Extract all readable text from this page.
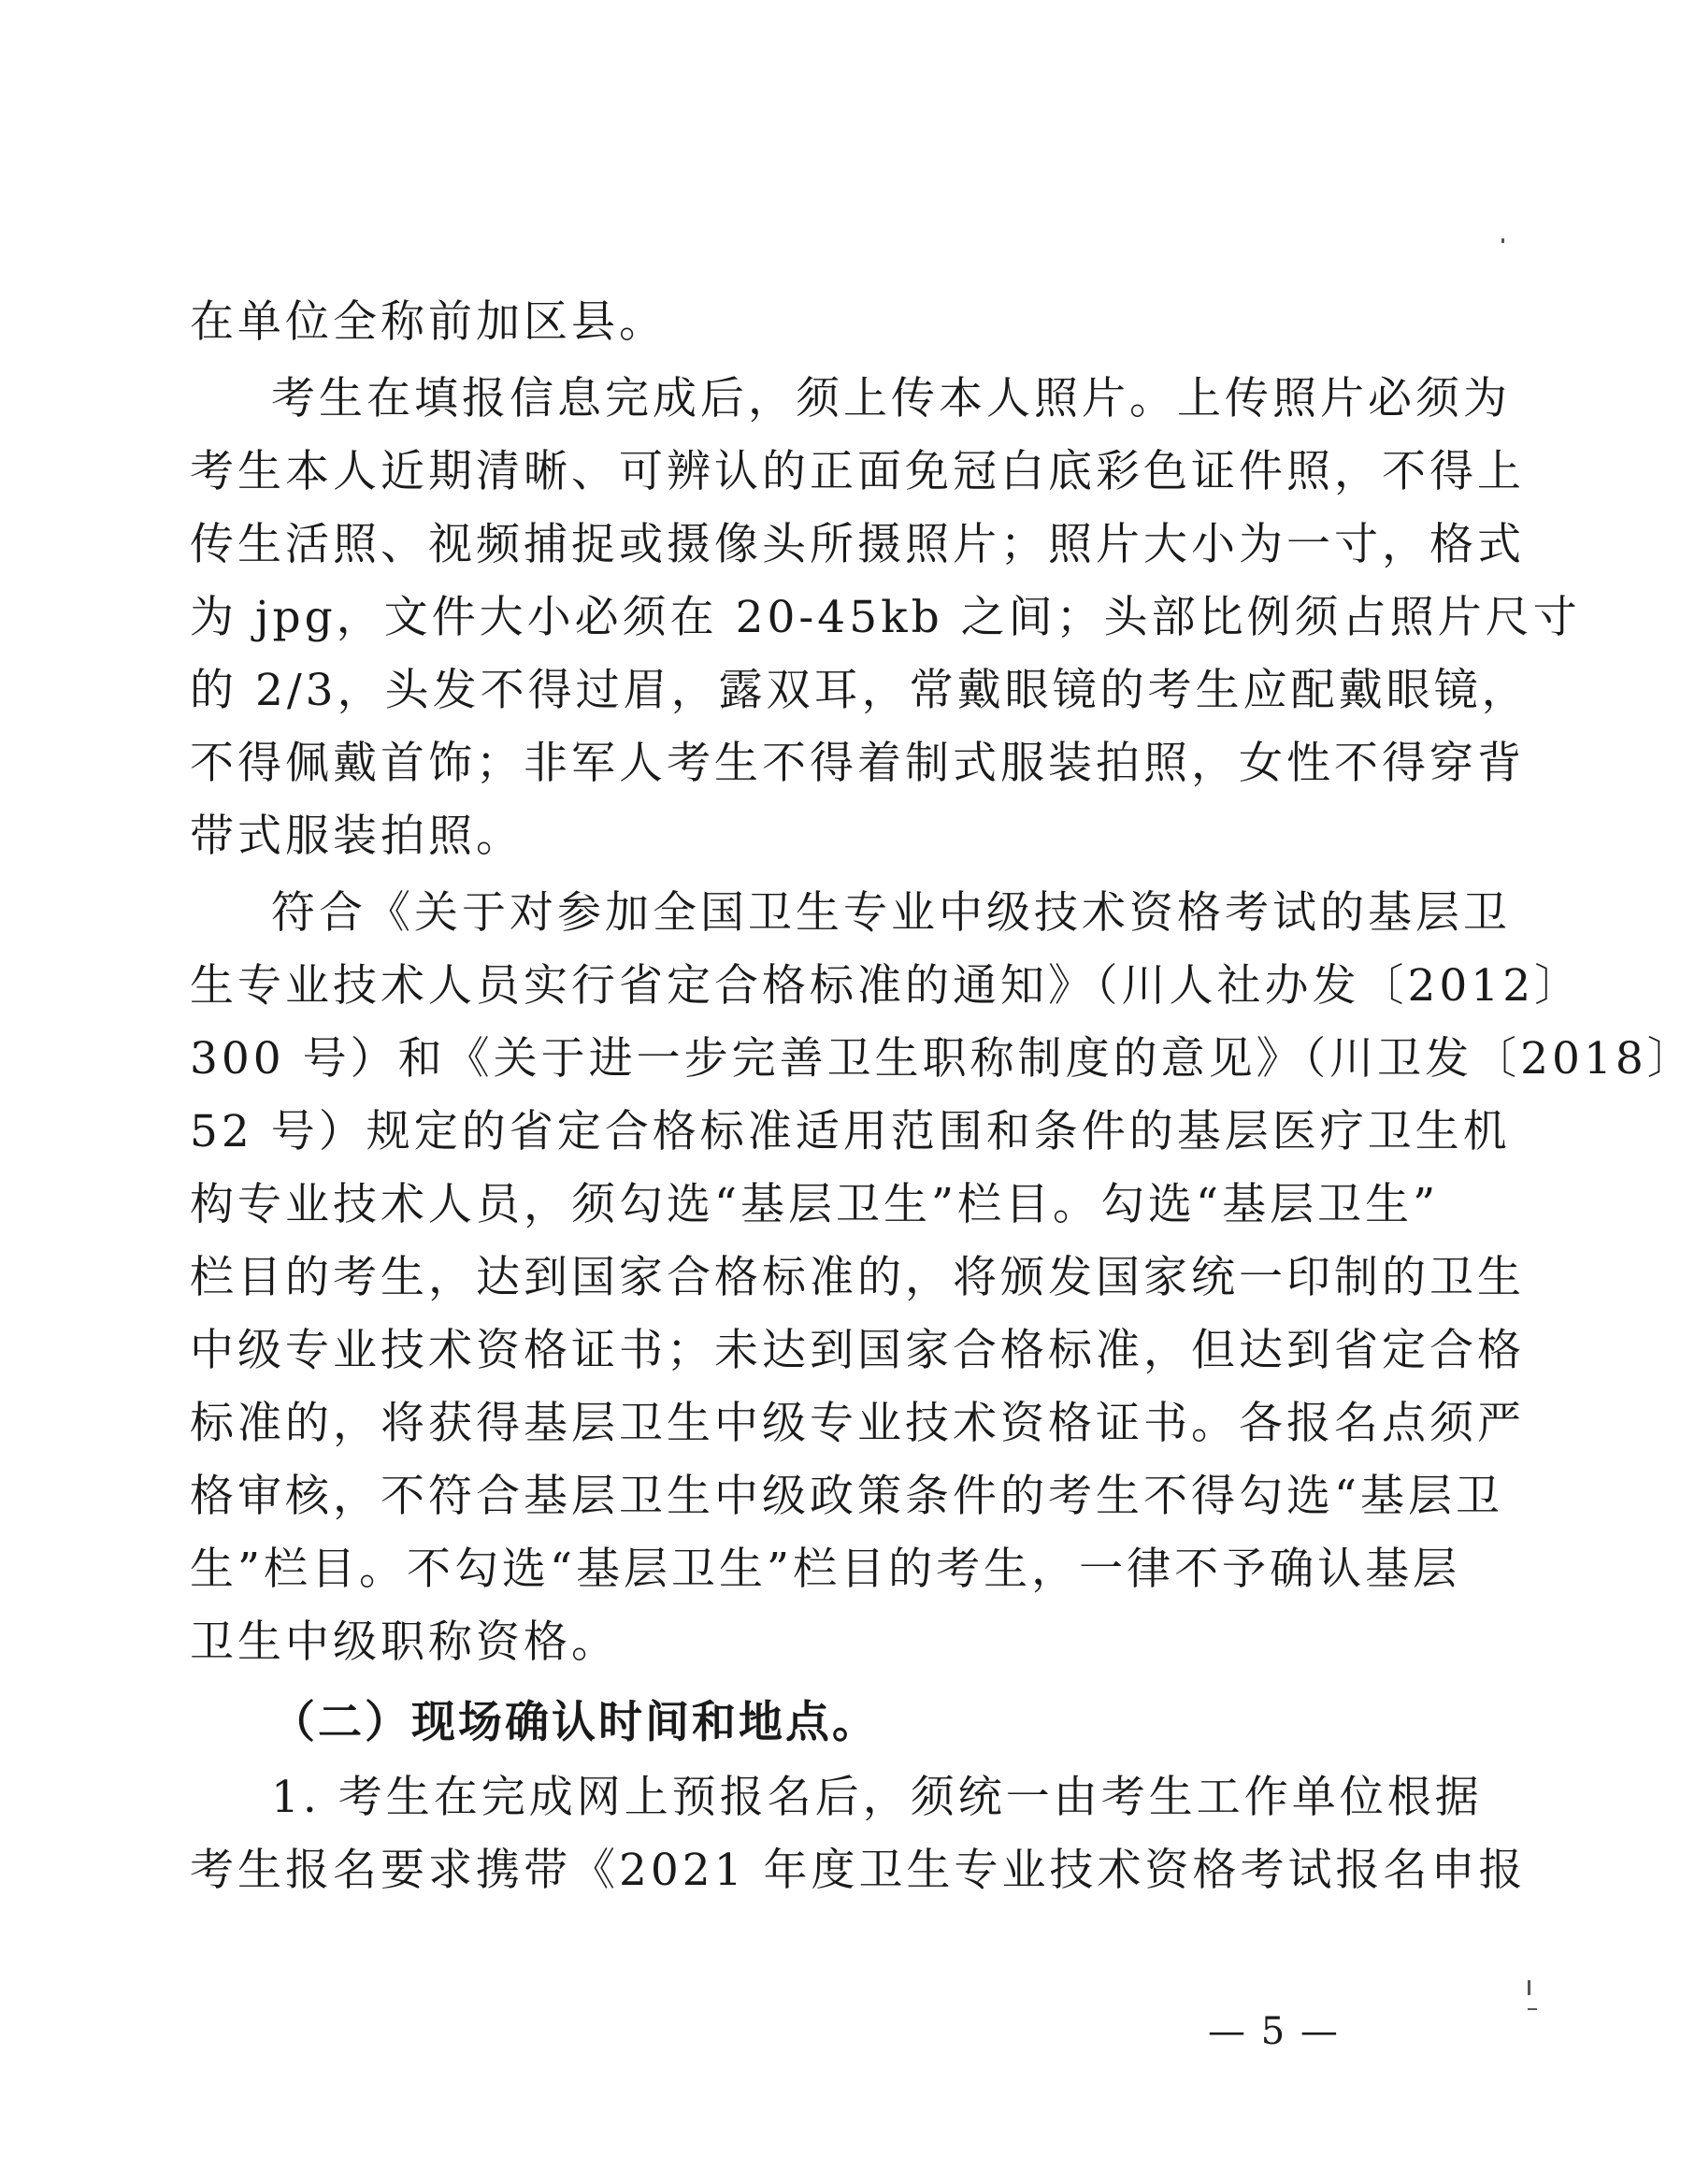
在单位全称前加区县。
考生在填报信息完成后，须上传本人照片。上传照片必须为
考生本人近期清晰、可辨认的正面免冠白底彩色证件照，不得上
传生活照、视频捕捉或摄像头所摄照片；照片大小为一寸，格式
为 jpg，文件大小必须在 20-45kb 之间；头部比例须占照片尺寸
的 2/3，头发不得过眉，露双耳，常戴眼镜的考生应配戴眼镜，
不得佩戴首饰；非军人考生不得着制式服装拍照，女性不得穿背
带式服装拍照。
符合《关于对参加全国卫生专业中级技术资格考试的基层卫
生专业技术人员实行省定合格标准的通知》（川人社办发〔2012〕
300 号）和《关于进一步完善卫生职称制度的意见》（川卫发〔2018〕
52 号）规定的省定合格标准适用范围和条件的基层医疗卫生机
构专业技术人员，须勾选“基层卫生”栏目。勾选“基层卫生”
栏目的考生，达到国家合格标准的，将颁发国家统一印制的卫生
中级专业技术资格证书；未达到国家合格标准，但达到省定合格
标准的，将获得基层卫生中级专业技术资格证书。各报名点须严
格审核，不符合基层卫生中级政策条件的考生不得勾选“基层卫
生”栏目。不勾选“基层卫生”栏目的考生，一律不予确认基层
卫生中级职称资格。
（二）现场确认时间和地点。
1. 考生在完成网上预报名后，须统一由考生工作单位根据
考生报名要求携带《2021 年度卫生专业技术资格考试报名申报
— 5 —
